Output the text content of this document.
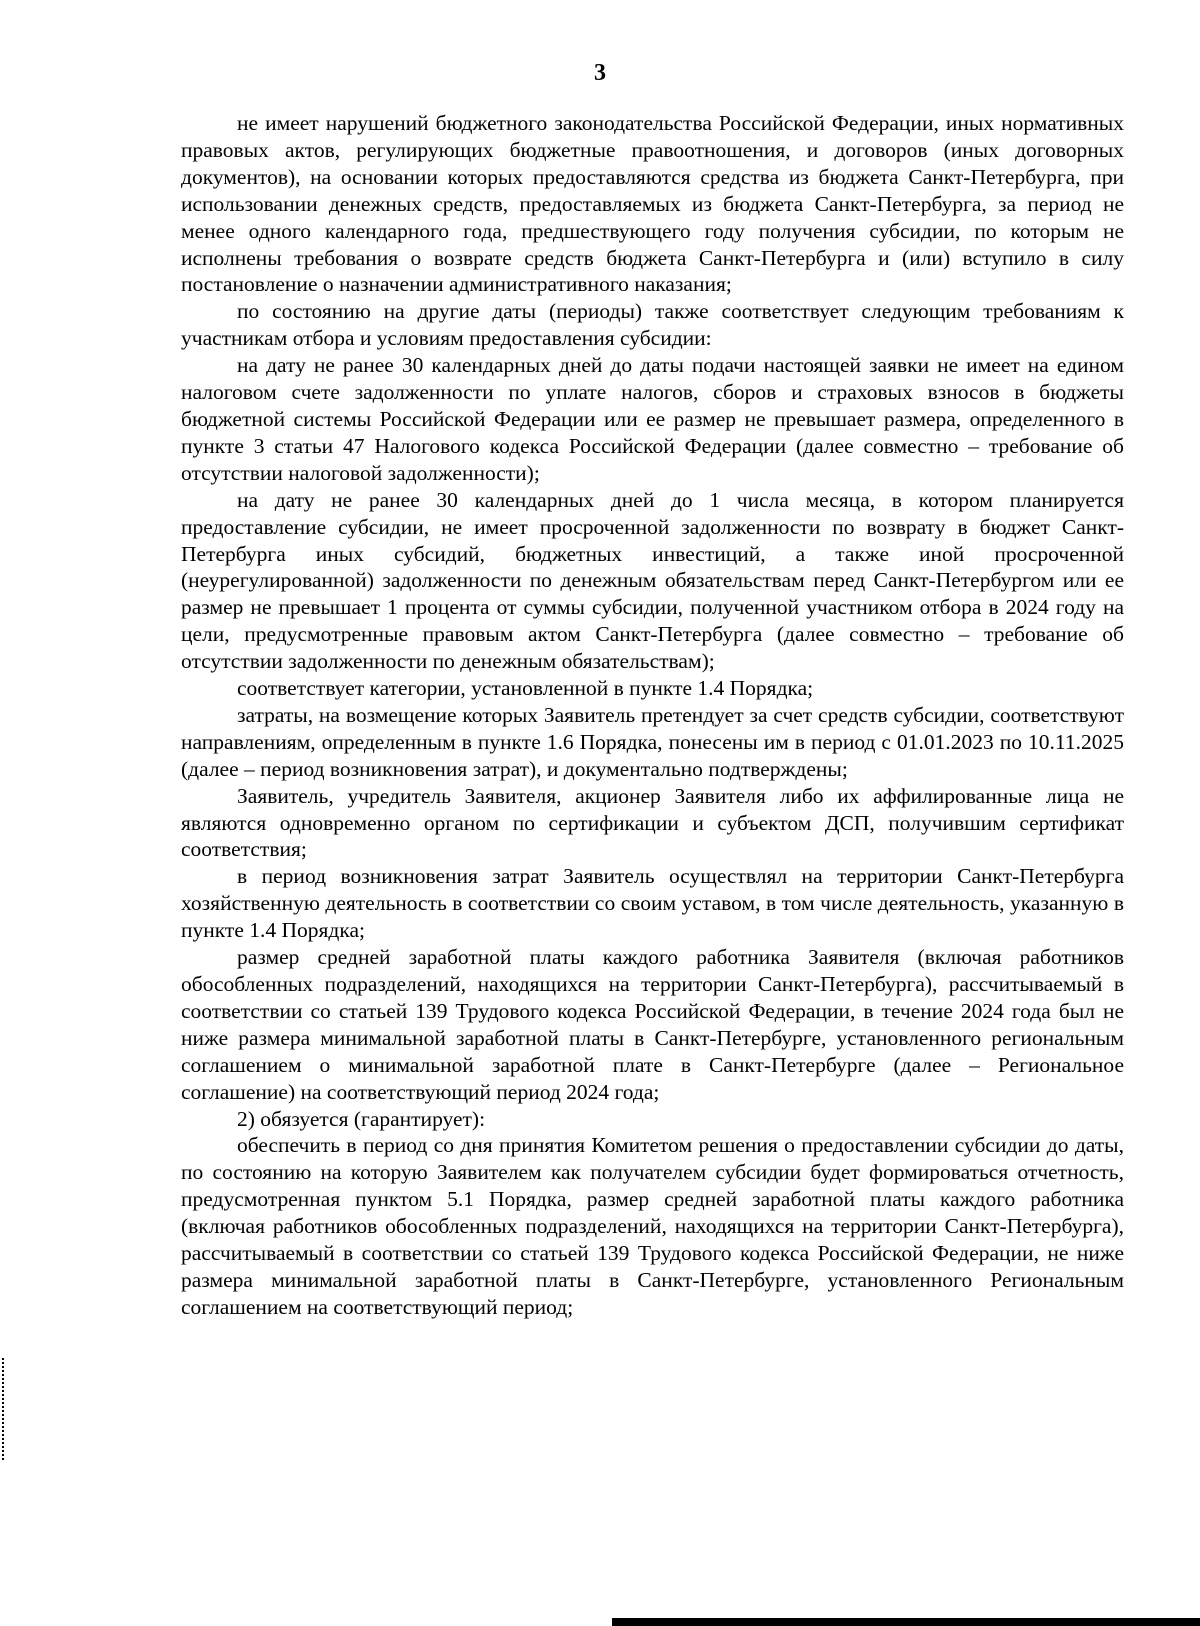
3

не имеет нарушений бюджетного законодательства Российской Федерации, иных нормативных правовых актов, регулирующих бюджетные правоотношения, и договоров (иных договорных документов), на основании которых предоставляются средства из бюджета Санкт-Петербурга, при использовании денежных средств, предоставляемых из бюджета Санкт-Петербурга, за период не менее одного календарного года, предшествующего году получения субсидии, по которым не исполнены требования о возврате средств бюджета Санкт-Петербурга и (или) вступило в силу постановление о назначении административного наказания;

по состоянию на другие даты (периоды) также соответствует следующим требованиям к участникам отбора и условиям предоставления субсидии:

на дату не ранее 30 календарных дней до даты подачи настоящей заявки не имеет на едином налоговом счете задолженности по уплате налогов, сборов и страховых взносов в бюджеты бюджетной системы Российской Федерации или ее размер не превышает размера, определенного в пункте 3 статьи 47 Налогового кодекса Российской Федерации (далее совместно – требование об отсутствии налоговой задолженности);

на дату не ранее 30 календарных дней до 1 числа месяца, в котором планируется предоставление субсидии, не имеет просроченной задолженности по возврату в бюджет Санкт-Петербурга иных субсидий, бюджетных инвестиций, а также иной просроченной (неурегулированной) задолженности по денежным обязательствам перед Санкт-Петербургом или ее размер не превышает 1 процента от суммы субсидии, полученной участником отбора в 2024 году на цели, предусмотренные правовым актом Санкт-Петербурга (далее совместно – требование об отсутствии задолженности по денежным обязательствам);

соответствует категории, установленной в пункте 1.4 Порядка;

затраты, на возмещение которых Заявитель претендует за счет средств субсидии, соответствуют направлениям, определенным в пункте 1.6 Порядка, понесены им в период с 01.01.2023 по 10.11.2025 (далее – период возникновения затрат), и документально подтверждены;

Заявитель, учредитель Заявителя, акционер Заявителя либо их аффилированные лица не являются одновременно органом по сертификации и субъектом ДСП, получившим сертификат соответствия;

в период возникновения затрат Заявитель осуществлял на территории Санкт-Петербурга хозяйственную деятельность в соответствии со своим уставом, в том числе деятельность, указанную в пункте 1.4 Порядка;

размер средней заработной платы каждого работника Заявителя (включая работников обособленных подразделений, находящихся на территории Санкт-Петербурга), рассчитываемый в соответствии со статьей 139 Трудового кодекса Российской Федерации, в течение 2024 года был не ниже размера минимальной заработной платы в Санкт-Петербурге, установленного региональным соглашением о минимальной заработной плате в Санкт-Петербурге (далее – Региональное соглашение) на соответствующий период 2024 года;

2) обязуется (гарантирует):

обеспечить в период со дня принятия Комитетом решения о предоставлении субсидии до даты, по состоянию на которую Заявителем как получателем субсидии будет формироваться отчетность, предусмотренная пунктом 5.1 Порядка, размер средней заработной платы каждого работника (включая работников обособленных подразделений, находящихся на территории Санкт-Петербурга), рассчитываемый в соответствии со статьей 139 Трудового кодекса Российской Федерации, не ниже размера минимальной заработной платы в Санкт-Петербурге, установленного Региональным соглашением на соответствующий период;
